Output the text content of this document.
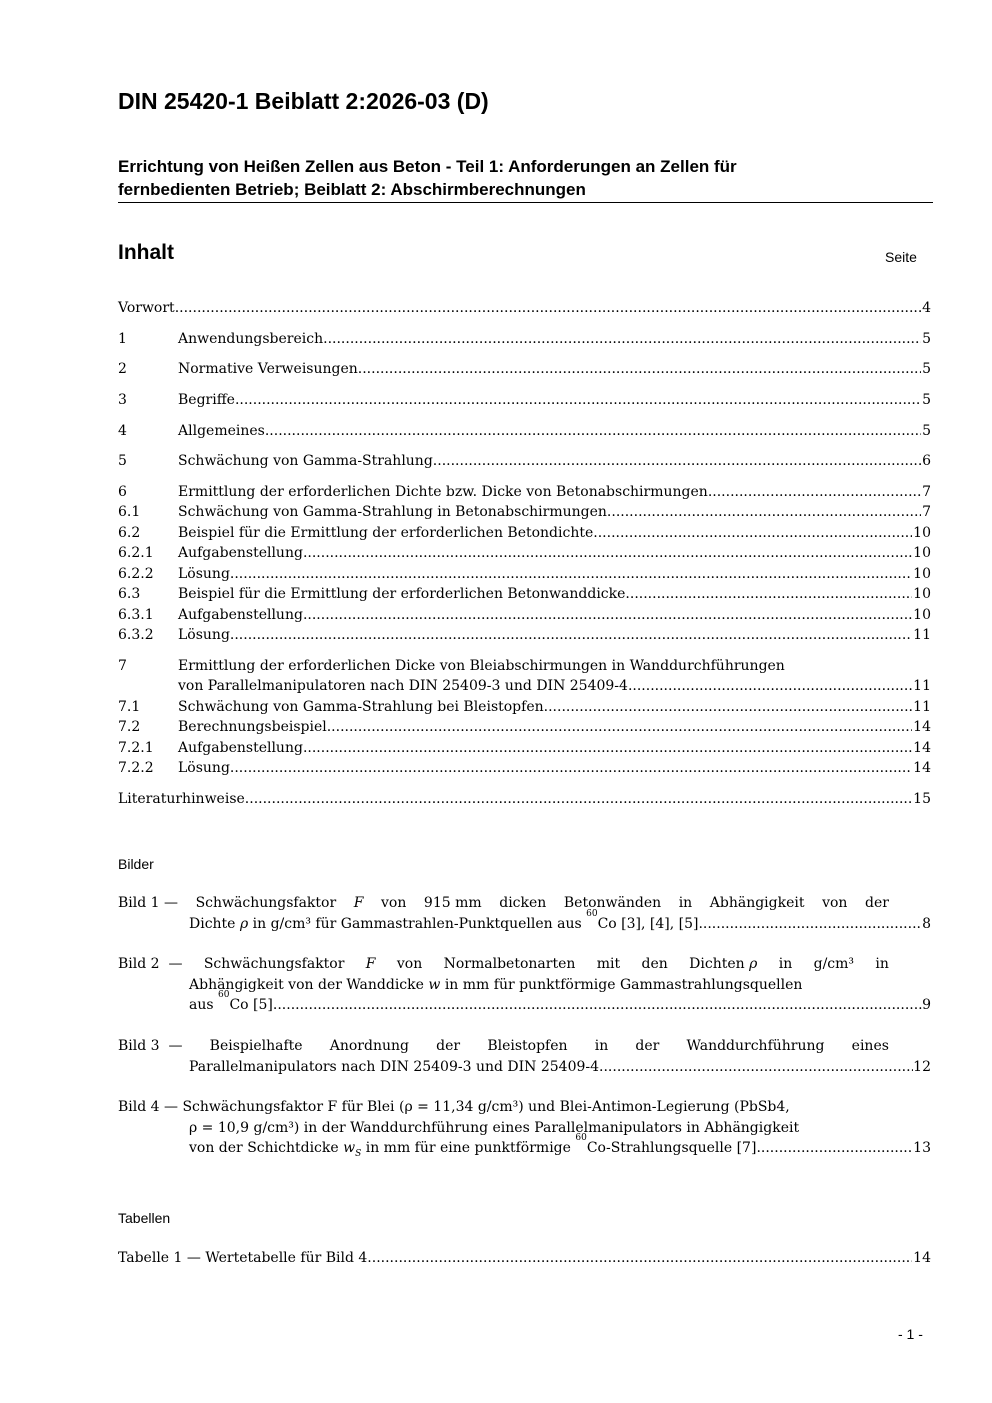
DIN 25420-1 Beiblatt 2:2026-03 (D)
Errichtung von Heißen Zellen aus Beton - Teil 1: Anforderungen an Zellen für
fernbedienten Betrieb; Beiblatt 2: Abschirmberechnungen
Inhalt	Seite
Vorwort .....	4
1	Anwendungsbereich .....	5
2	Normative Verweisungen .....	5
3	Begriffe .....	5
4	Allgemeines .....	5
5	Schwächung von Gamma-Strahlung .....	6
6	Ermittlung der erforderlichen Dichte bzw. Dicke von Betonabschirmungen .....	7
6.1	Schwächung von Gamma-Strahlung in Betonabschirmungen .....	7
6.2	Beispiel für die Ermittlung der erforderlichen Betondichte .....	10
6.2.1 Aufgabenstellung .....	10
6.2.2 Lösung .....	10
6.3	Beispiel für die Ermittlung der erforderlichen Betonwanddicke .....	10
6.3.1 Aufgabenstellung .....	10
6.3.2 Lösung .....	11
7	Ermittlung der erforderlichen Dicke von Bleiabschirmungen in Wanddurchführungen
von Parallelmanipulatoren nach DIN 25409-3 und DIN 25409-4 .....	11
7.1	Schwächung von Gamma-Strahlung bei Bleistopfen .....	11
7.2	Berechnungsbeispiel .....	14
7.2.1 Aufgabenstellung .....	14
7.2.2 Lösung .....	14
Literaturhinweise .....	15
Bilder
Bild 1 — Schwächungsfaktor F von 915 mm dicken Betonwänden in Abhängigkeit von der
Dichte
ρ
in g/cm³ für Gammastrahlen-Punktquellen aus

60
Co [3], [4], [5] .....	8
Bild 2 — Schwächungsfaktor F von Normalbetonarten mit den Dichten ρ in g/cm³ in
Abhängigkeit von der Wanddicke
w
in mm für punktförmige Gammastrahlungsquellen
aus

60
Co [5] .....	9
Bild 3 — Beispielhafte Anordnung der Bleistopfen in der Wanddurchführung eines
Parallelmanipulators nach DIN 25409-3 und DIN 25409-4 .....	12
Bild 4
—
Schwächungsfaktor F für Blei (ρ = 11,34 g/cm³) und Blei-Antimon-Legierung (PbSb4,
ρ = 10,9 g/cm³) in der Wanddurchführung eines Parallelmanipulators in Abhängigkeit
von der Schichtdicke
$w_S$
in mm für eine punktförmige

60
Co-Strahlungsquelle [7] .....	13
Tabellen
Tabelle 1 — Wertetabelle für Bild 4 .....	14
- 1 -
